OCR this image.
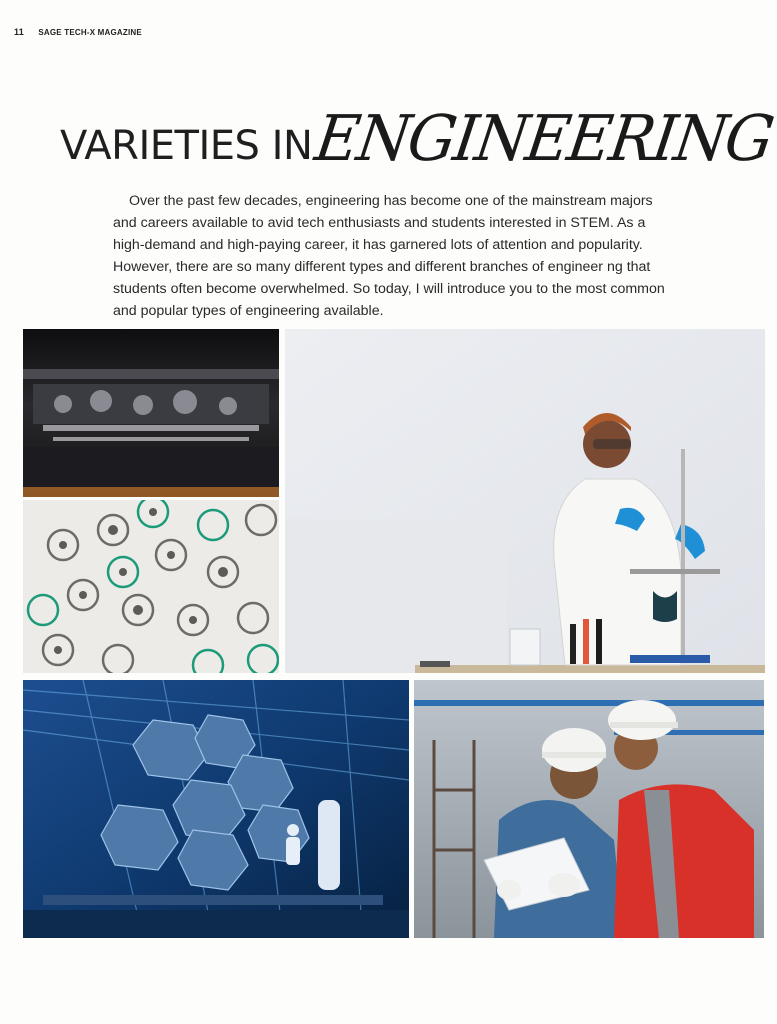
11 SAGE TECH-X MAGAZINE
VARIETIES INENGINEERING

Over the past few decades, engineering has become one of the mainstream majors and careers available to avid tech enthusiasts and students interested in STEM. As a high-demand and high-paying career, it has garnered lots of attention and popularity. However, there are so many different types and different branches of engineer ng that students often become overwhelmed. So today, I will introduce you to the most common and popular types of engineering available.
